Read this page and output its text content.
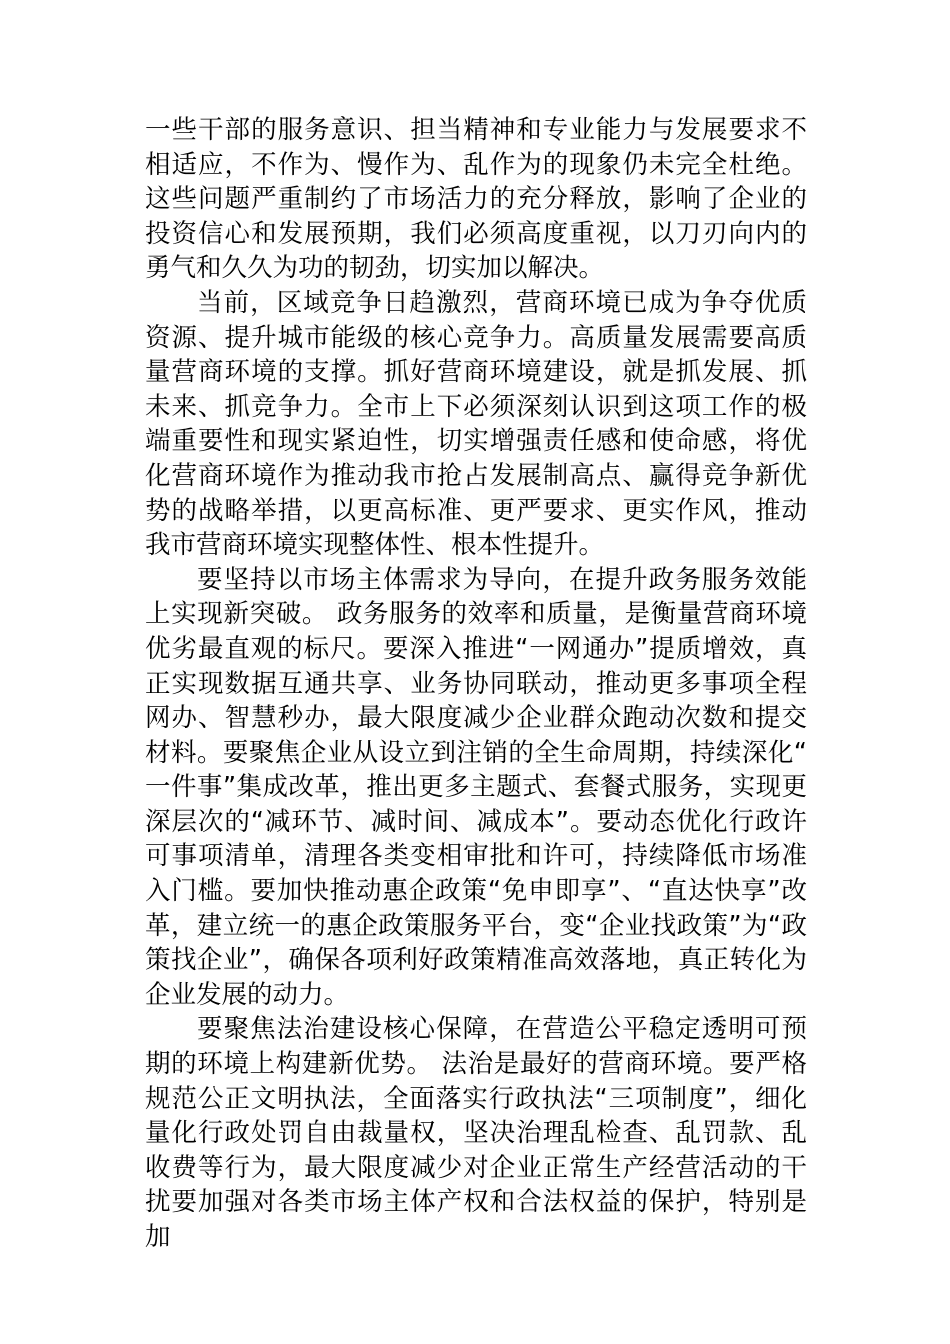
一些干部的服务意识、担当精神和专业能力与发展要求不相适应，不作为、慢作为、乱作为的现象仍未完全杜绝。这些问题严重制约了市场活力的充分释放，影响了企业的投资信心和发展预期，我们必须高度重视，以刀刃向内的勇气和久久为功的韧劲，切实加以解决。

当前，区域竞争日趋激烈，营商环境已成为争夺优质资源、提升城市能级的核心竞争力。高质量发展需要高质量营商环境的支撑。抓好营商环境建设，就是抓发展、抓未来、抓竞争力。全市上下必须深刻认识到这项工作的极端重要性和现实紧迫性，切实增强责任感和使命感，将优化营商环境作为推动我市抢占发展制高点、赢得竞争新优势的战略举措，以更高标准、更严要求、更实作风，推动我市营商环境实现整体性、根本性提升。

要坚持以市场主体需求为导向，在提升政务服务效能上实现新突破。 政务服务的效率和质量，是衡量营商环境优劣最直观的标尺。要深入推进“一网通办”提质增效，真正实现数据互通共享、业务协同联动，推动更多事项全程网办、智慧秒办，最大限度减少企业群众跑动次数和提交材料。要聚焦企业从设立到注销的全生命周期，持续深化“一件事”集成改革，推出更多主题式、套餐式服务，实现更深层次的“减环节、减时间、减成本”。要动态优化行政许可事项清单，清理各类变相审批和许可，持续降低市场准入门槛。要加快推动惠企政策“免申即享”、“直达快享”改革，建立统一的惠企政策服务平台，变“企业找政策”为“政策找企业”，确保各项利好政策精准高效落地，真正转化为企业发展的动力。

要聚焦法治建设核心保障，在营造公平稳定透明可预期的环境上构建新优势。 法治是最好的营商环境。要严格规范公正文明执法，全面落实行政执法“三项制度”，细化量化行政处罚自由裁量权，坚决治理乱检查、乱罚款、乱收费等行为，最大限度减少对企业正常生产经营活动的干扰要加强对各类市场主体产权和合法权益的保护，特别是加
